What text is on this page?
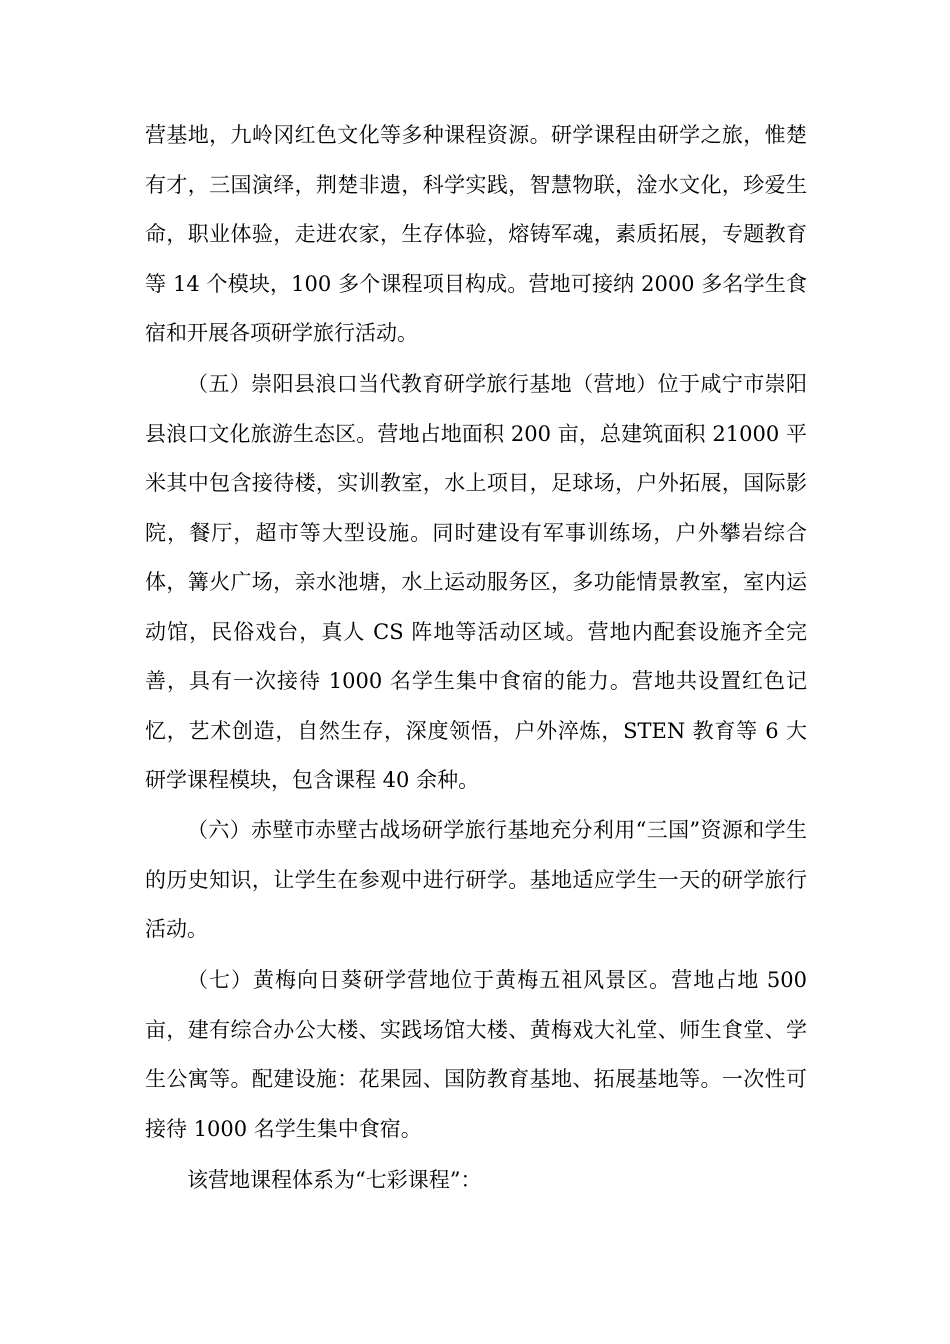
营基地，九岭冈红色文化等多种课程资源。研学课程由研学之旅，惟楚有才，三国演绎，荆楚非遗，科学实践，智慧物联，淦水文化，珍爱生命，职业体验，走进农家，生存体验，熔铸军魂，素质拓展，专题教育等 14 个模块，100 多个课程项目构成。营地可接纳 2000 多名学生食宿和开展各项研学旅行活动。

（五）崇阳县浪口当代教育研学旅行基地（营地）位于咸宁市崇阳县浪口文化旅游生态区。营地占地面积 200 亩，总建筑面积 21000 平米其中包含接待楼，实训教室，水上项目，足球场，户外拓展，国际影院，餐厅，超市等大型设施。同时建设有军事训练场，户外攀岩综合体，篝火广场，亲水池塘，水上运动服务区，多功能情景教室，室内运动馆，民俗戏台，真人 CS 阵地等活动区域。营地内配套设施齐全完善，具有一次接待 1000 名学生集中食宿的能力。营地共设置红色记忆，艺术创造，自然生存，深度领悟，户外淬炼，STEN 教育等 6 大研学课程模块，包含课程 40 余种。

（六）赤壁市赤壁古战场研学旅行基地充分利用“三国”资源和学生的历史知识，让学生在参观中进行研学。基地适应学生一天的研学旅行活动。

（七）黄梅向日葵研学营地位于黄梅五祖风景区。营地占地 500 亩，建有综合办公大楼、实践场馆大楼、黄梅戏大礼堂、师生食堂、学生公寓等。配建设施：花果园、国防教育基地、拓展基地等。一次性可接待 1000 名学生集中食宿。

该营地课程体系为“七彩课程”：
